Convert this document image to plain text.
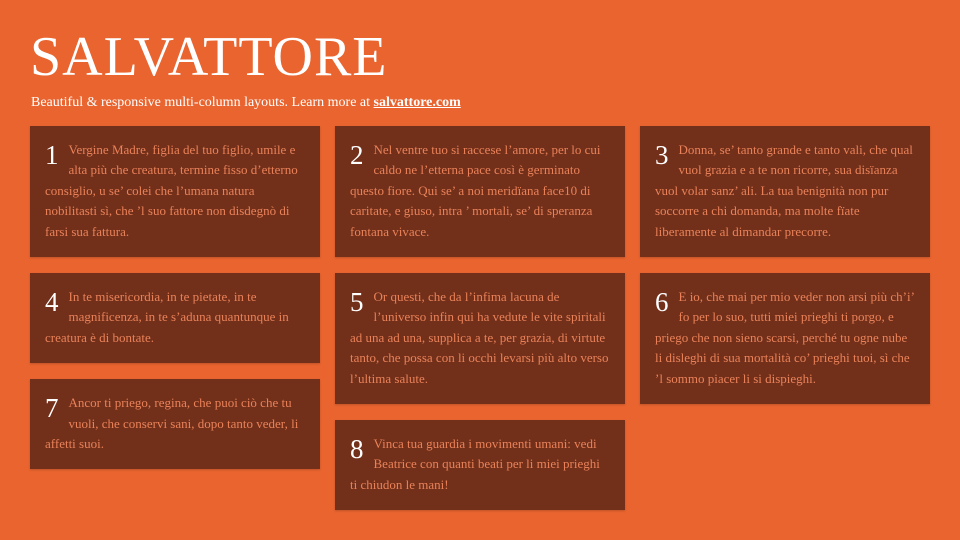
SALVATTORE

Beautiful & responsive multi-column layouts. Learn more at salvattore.com

1 Vergine Madre, figlia del tuo figlio, umile e alta più che creatura, termine fisso d’etterno consiglio, u se’ colei che l’umana natura nobilitasti sì, che ’l suo fattore non disdegnò di farsi sua fattura.

4 In te misericordia, in te pietate, in te magnificenza, in te s’aduna quantunque in creatura è di bontate.

7 Ancor ti priego, regina, che puoi ciò che tu vuoli, che conservi sani, dopo tanto veder, li affetti suoi.

2 Nel ventre tuo si raccese l’amore, per lo cui caldo ne l’etterna pace così è germinato questo fiore. Qui se’ a noi meridïana face10 di caritate, e giuso, intra ’ mortali, se’ di speranza fontana vivace.

5 Or questi, che da l’infima lacuna de l’universo infin qui ha vedute le vite spiritali ad una ad una, supplica a te, per grazia, di virtute tanto, che possa con li occhi levarsi più alto verso l’ultima salute.

8 Vinca tua guardia i movimenti umani: vedi Beatrice con quanti beati per li miei prieghi ti chiudon le mani!

3 Donna, se’ tanto grande e tanto vali, che qual vuol grazia e a te non ricorre, sua disïanza vuol volar sanz’ ali. La tua benignità non pur soccorre a chi domanda, ma molte fïate liberamente al dimandar precorre.

6 E io, che mai per mio veder non arsi più ch’i’ fo per lo suo, tutti miei prieghi ti porgo, e priego che non sieno scarsi, perché tu ogne nube li disleghi di sua mortalità co’ prieghi tuoi, sì che ’l sommo piacer li si dispieghi.
